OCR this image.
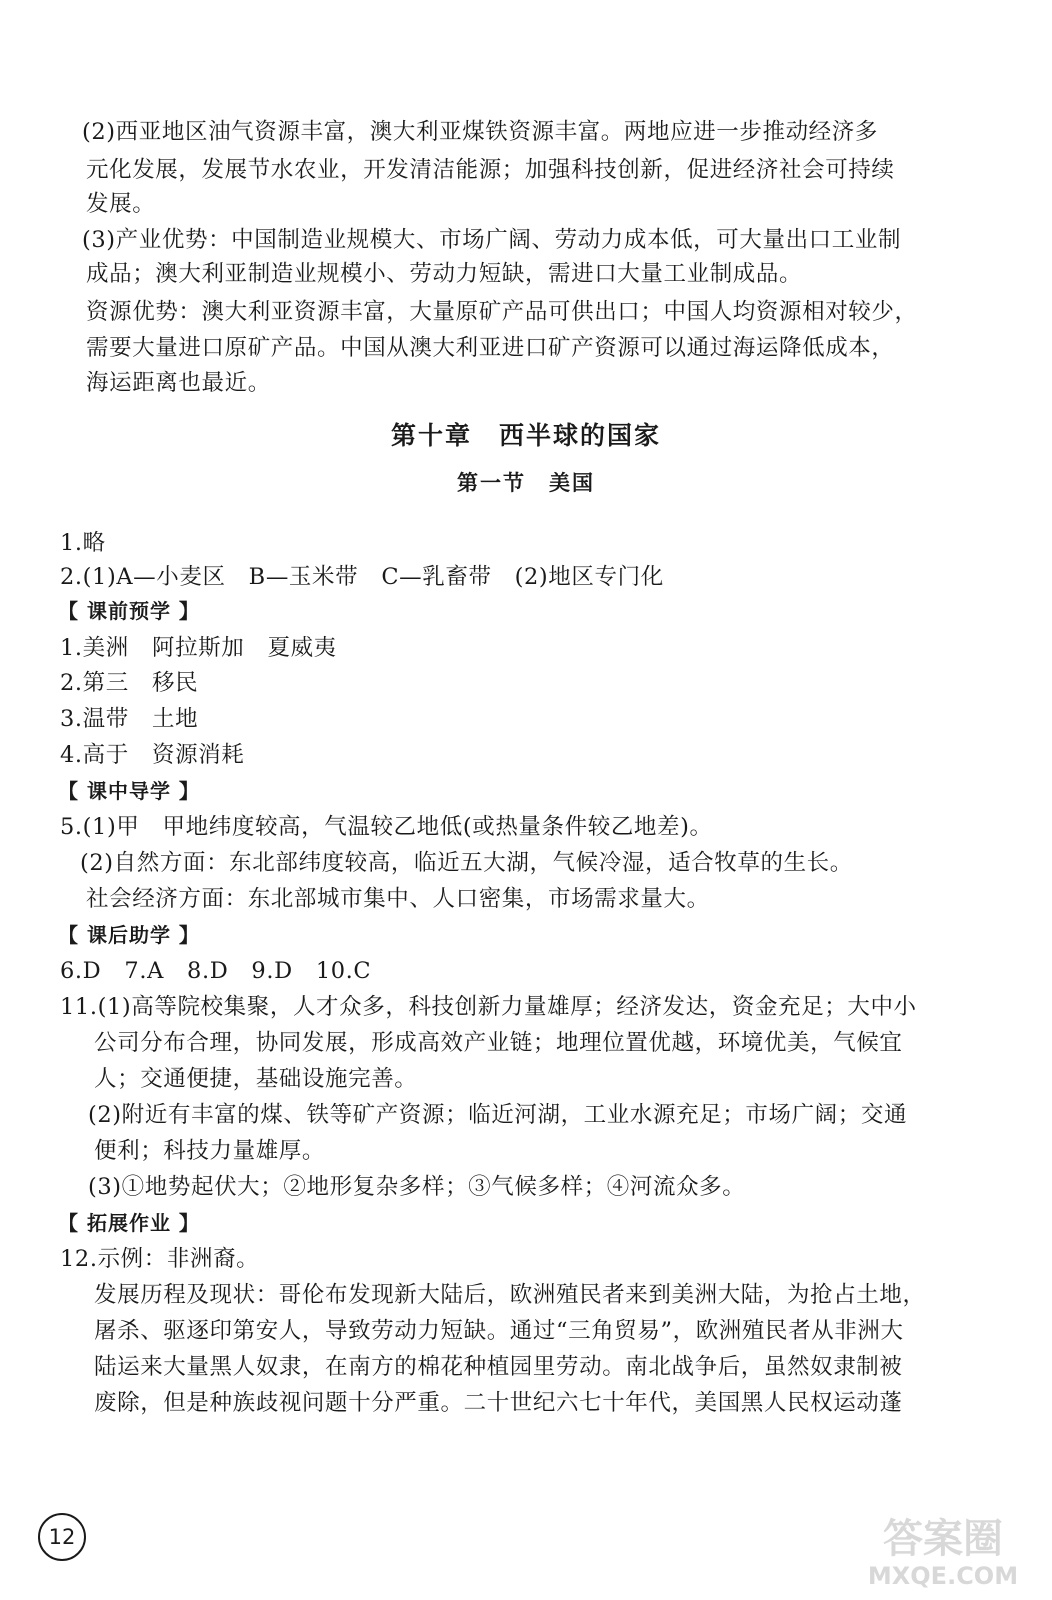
(2)西亚地区油气资源丰富，澳大利亚煤铁资源丰富。两地应进一步推动经济多
元化发展，发展节水农业，开发清洁能源；加强科技创新，促进经济社会可持续
发展。
(3)产业优势：中国制造业规模大、市场广阔、劳动力成本低，可大量出口工业制
成品；澳大利亚制造业规模小、劳动力短缺，需进口大量工业制成品。
资源优势：澳大利亚资源丰富，大量原矿产品可供出口；中国人均资源相对较少，
需要大量进口原矿产品。中国从澳大利亚进口矿产资源可以通过海运降低成本，
海运距离也最近。
第十章　西半球的国家
第一节　美国
1.略
2.(1)A—小麦区　B—玉米带　C—乳畜带　(2)地区专门化
【 课前预学 】
1.美洲　阿拉斯加　夏威夷
2.第三　移民
3.温带　土地
4.高于　资源消耗
【 课中导学 】
5.(1)甲　甲地纬度较高，气温较乙地低(或热量条件较乙地差)。
(2)自然方面：东北部纬度较高，临近五大湖，气候冷湿，适合牧草的生长。
社会经济方面：东北部城市集中、人口密集，市场需求量大。
【 课后助学 】
6.D　7.A　8.D　9.D　10.C
11.(1)高等院校集聚，人才众多，科技创新力量雄厚；经济发达，资金充足；大中小
公司分布合理，协同发展，形成高效产业链；地理位置优越，环境优美，气候宜
人；交通便捷，基础设施完善。
(2)附近有丰富的煤、铁等矿产资源；临近河湖，工业水源充足；市场广阔；交通
便利；科技力量雄厚。
(3)①地势起伏大；②地形复杂多样；③气候多样；④河流众多。
【 拓展作业 】
12.示例：非洲裔。
发展历程及现状：哥伦布发现新大陆后，欧洲殖民者来到美洲大陆，为抢占土地，
屠杀、驱逐印第安人，导致劳动力短缺。通过“三角贸易”，欧洲殖民者从非洲大
陆运来大量黑人奴隶，在南方的棉花种植园里劳动。南北战争后，虽然奴隶制被
废除，但是种族歧视问题十分严重。二十世纪六七十年代，美国黑人民权运动蓬
12	答案圈
MXQE.COM
